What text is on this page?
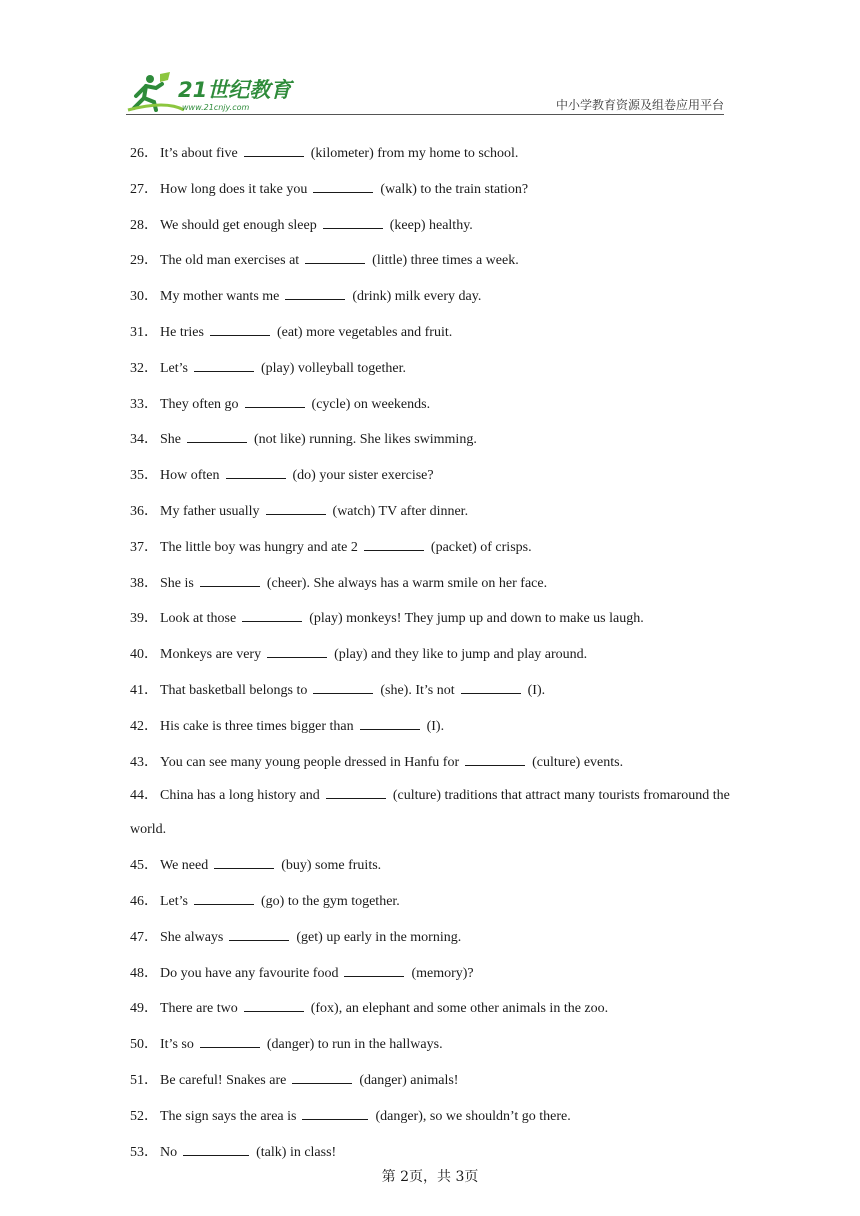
21世纪教育
www.21cnjy.com	中小学教育资源及组卷应用平台
26． It’s about five	(kilometer) from my home to school.
27． How long does it take you	(walk) to the train station?
28． We should get enough sleep	(keep) healthy.
29． The old man exercises at	(little) three times a week.
30． My mother wants me	(drink) milk every day.
31． He tries	(eat) more vegetables and fruit.
32． Let’s	(play) volleyball together.
33． They often go	(cycle) on weekends.
34． She	(not like) running. She likes swimming.
35． How often	(do) your sister exercise?
36． My father usually	(watch) TV after dinner.
37． The little boy was hungry and ate 2	(packet) of crisps.
38． She is	(cheer). She always has a warm smile on her face.
39． Look at those	(play) monkeys! They jump up and down to make us laugh.
40． Monkeys are very	(play) and they like to jump and play around.
41． That basketball belongs to	(she). It’s not	(I).
42． His cake is three times bigger than	(I).
43． You can see many young people dressed in Hanfu for	(culture) events.
44． China has a long history and	(culture) traditions that attract many tourists fromaround the world.
45． We need	(buy) some fruits.
46． Let’s	(go) to the gym together.
47． She always	(get) up early in the morning.
48． Do you have any favourite food	(memory)?
49． There are two	(fox), an elephant and some other animals in the zoo.
50． It’s so	(danger) to run in the hallways.
51． Be careful! Snakes are	(danger) animals!
52． The sign says the area is	(danger), so we shouldn’t go there.
53． No	(talk) in class!
第 2页，共 3页
